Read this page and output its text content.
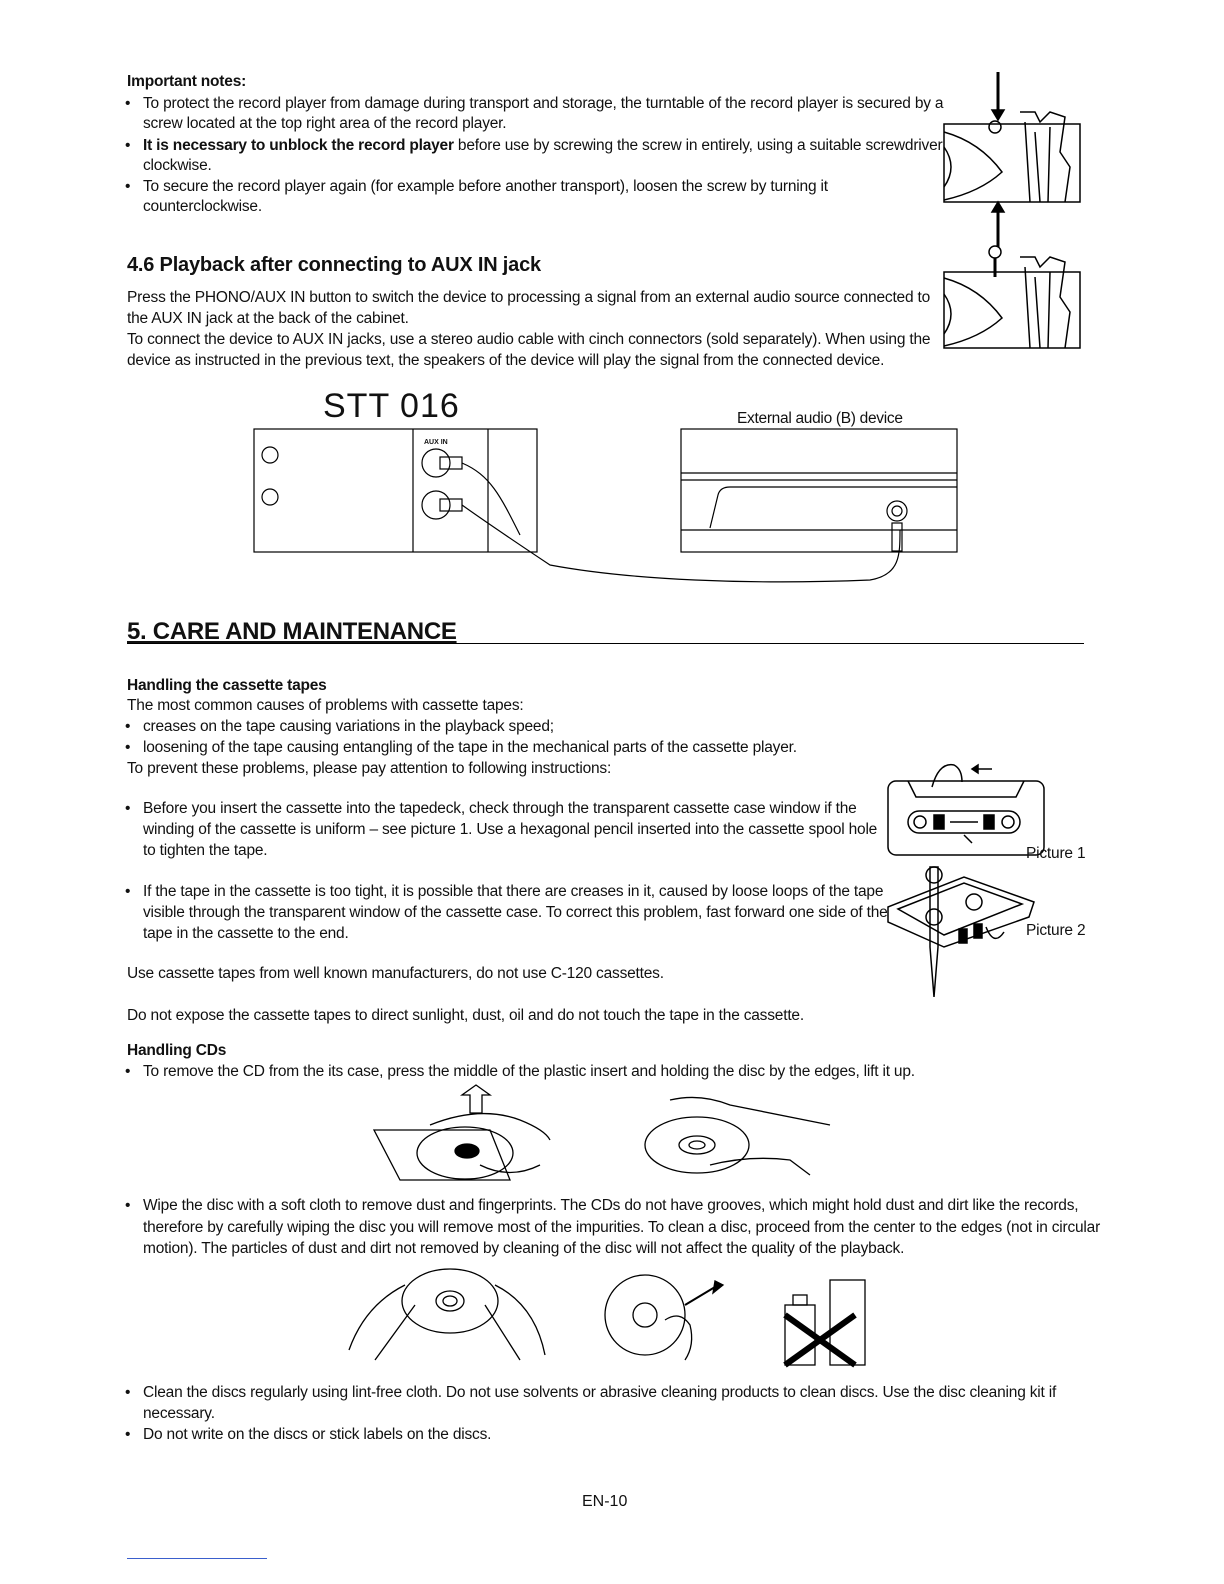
Important notes:
• To protect the record player from damage during transport and storage, the turntable of the record player is secured by a
screw located at the top right area of the record player.
• It is necessary to unblock the record player before use by screwing the screw in entirely, using a suitable screwdriver
clockwise.
• To secure the record player again (for example before another transport), loosen the screw by turning it
counterclockwise.
4.6 Playback after connecting to AUX IN jack
Press the PHONO/AUX IN button to switch the device to processing a signal from an external audio source connected to
the AUX IN jack at the back of the cabinet.
To connect the device to AUX IN jacks, use a stereo audio cable with cinch connectors (sold separately). When using the
device as instructed in the previous text, the speakers of the device will play the signal from the connected device.
STT 016
AUX IN
External audio (B) device
5. CARE AND MAINTENANCE
Handling the cassette tapes
The most common causes of problems with cassette tapes:
• creases on the tape causing variations in the playback speed;
• loosening of the tape causing entangling of the tape in the mechanical parts of the cassette player.
To prevent these problems, please pay attention to following instructions:
• Before you insert the cassette into the tapedeck, check through the transparent cassette case window if the
winding of the cassette is uniform – see picture 1. Use a hexagonal pencil inserted into the cassette spool hole
to tighten the tape.
• If the tape in the cassette is too tight, it is possible that there are creases in it, caused by loose loops of the tape
visible through the transparent window of the cassette case. To correct this problem, fast forward one side of the
tape in the cassette to the end.
Use cassette tapes from well known manufacturers, do not use C-120 cassettes.
Do not expose the cassette tapes to direct sunlight, dust, oil and do not touch the tape in the cassette.
Picture 1
Picture 2
Handling CDs
• To remove the CD from the its case, press the middle of the plastic insert and holding the disc by the edges, lift it up.
• Wipe the disc with a soft cloth to remove dust and fingerprints. The CDs do not have grooves, which might hold dust and dirt like the records,
therefore by carefully wiping the disc you will remove most of the impurities. To clean a disc, proceed from the center to the edges (not in circular
motion). The particles of dust and dirt not removed by cleaning of the disc will not affect the quality of the playback.
• Clean the discs regularly using lint-free cloth. Do not use solvents or abrasive cleaning products to clean discs. Use the disc cleaning kit if
necessary.
• Do not write on the discs or stick labels on the discs.
EN-10
